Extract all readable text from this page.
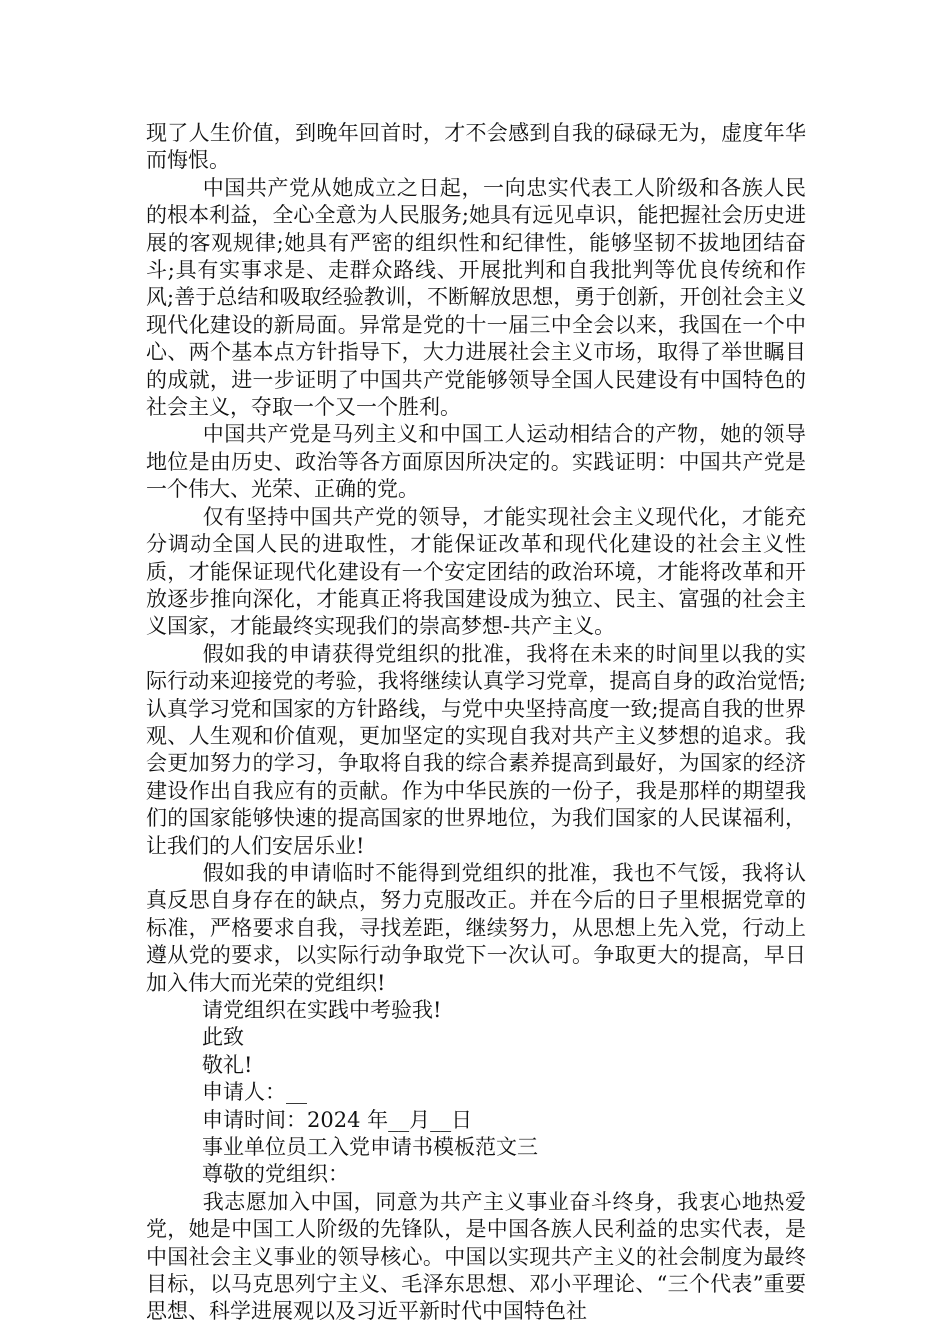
现了人生价值，到晚年回首时，才不会感到自我的碌碌无为，虚度年华而悔恨。

中国共产党从她成立之日起，一向忠实代表工人阶级和各族人民的根本利益，全心全意为人民服务;她具有远见卓识，能把握社会历史进展的客观规律;她具有严密的组织性和纪律性，能够坚韧不拔地团结奋斗;具有实事求是、走群众路线、开展批判和自我批判等优良传统和作风;善于总结和吸取经验教训，不断解放思想，勇于创新，开创社会主义现代化建设的新局面。异常是党的十一届三中全会以来，我国在一个中心、两个基本点方针指导下，大力进展社会主义市场，取得了举世瞩目的成就，进一步证明了中国共产党能够领导全国人民建设有中国特色的社会主义，夺取一个又一个胜利。

中国共产党是马列主义和中国工人运动相结合的产物，她的领导地位是由历史、政治等各方面原因所决定的。实践证明：中国共产党是一个伟大、光荣、正确的党。

仅有坚持中国共产党的领导，才能实现社会主义现代化，才能充分调动全国人民的进取性，才能保证改革和现代化建设的社会主义性质，才能保证现代化建设有一个安定团结的政治环境，才能将改革和开放逐步推向深化，才能真正将我国建设成为独立、民主、富强的社会主义国家，才能最终实现我们的崇高梦想-共产主义。

假如我的申请获得党组织的批准，我将在未来的时间里以我的实际行动来迎接党的考验，我将继续认真学习党章，提高自身的政治觉悟;认真学习党和国家的方针路线，与党中央坚持高度一致;提高自我的世界观、人生观和价值观，更加坚定的实现自我对共产主义梦想的追求。我会更加努力的学习，争取将自我的综合素养提高到最好，为国家的经济建设作出自我应有的贡献。作为中华民族的一份子，我是那样的期望我们的国家能够快速的提高国家的世界地位，为我们国家的人民谋福利，让我们的人们安居乐业!

假如我的申请临时不能得到党组织的批准，我也不气馁，我将认真反思自身存在的缺点，努力克服改正。并在今后的日子里根据党章的标准，严格要求自我，寻找差距，继续努力，从思想上先入党，行动上遵从党的要求，以实际行动争取党下一次认可。争取更大的提高，早日加入伟大而光荣的党组织!

请党组织在实践中考验我!

此致

敬礼!

申请人：__

申请时间：2024 年__月__日

事业单位员工入党申请书模板范文三

尊敬的党组织：

我志愿加入中国，同意为共产主义事业奋斗终身，我衷心地热爱党，她是中国工人阶级的先锋队，是中国各族人民利益的忠实代表，是中国社会主义事业的领导核心。中国以实现共产主义的社会制度为最终目标，以马克思列宁主义、毛泽东思想、邓小平理论、“三个代表”重要思想、科学进展观以及习近平新时代中国特色社
